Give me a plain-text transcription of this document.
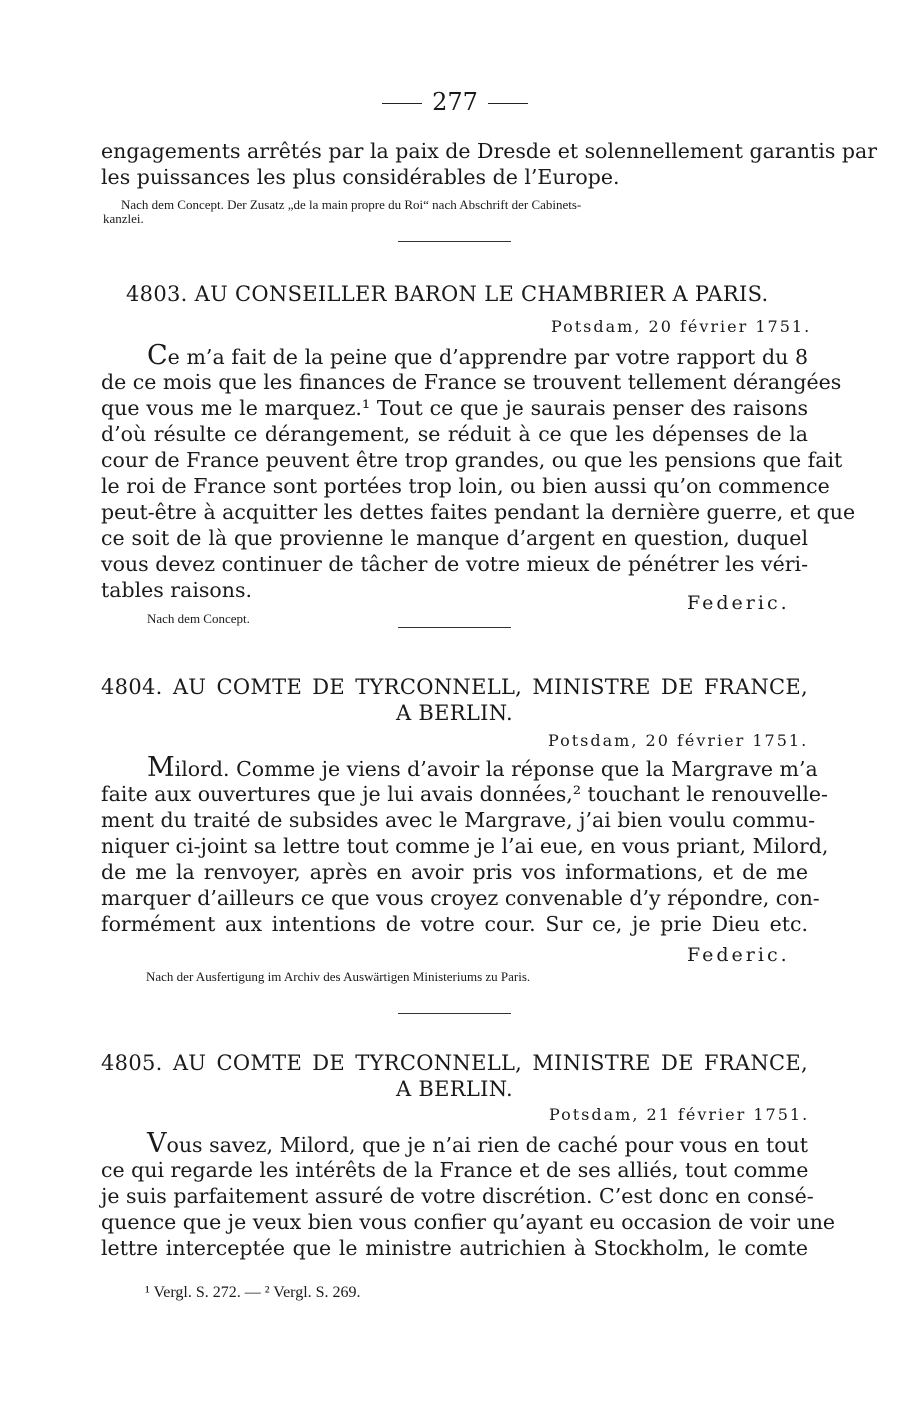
277

engagements arrêtés par la paix de Dresde et solennellement garantis par

les puissances les plus considérables de l’Europe.

Nach dem Concept. Der Zusatz „de la main propre du Roi“ nach Abschrift der Cabinets-

kanzlei.

4803. AU CONSEILLER BARON LE CHAMBRIER A PARIS.

Potsdam, 20 février 1751.

Ce m’a fait de la peine que d’apprendre par votre rapport du 8

de ce mois que les finances de France se trouvent tellement dérangées

que vous me le marquez.¹ Tout ce que je saurais penser des raisons

d’où résulte ce dérangement, se réduit à ce que les dépenses de la

cour de France peuvent être trop grandes, ou que les pensions que fait

le roi de France sont portées trop loin, ou bien aussi qu’on commence

peut-être à acquitter les dettes faites pendant la dernière guerre, et que

ce soit de là que provienne le manque d’argent en question, duquel

vous devez continuer de tâcher de votre mieux de pénétrer les véri-

tables raisons.

Federic.

Nach dem Concept.

4804. AU COMTE DE TYRCONNELL, MINISTRE DE FRANCE,

A BERLIN.

Potsdam, 20 février 1751.

Milord. Comme je viens d’avoir la réponse que la Margrave m’a

faite aux ouvertures que je lui avais données,² touchant le renouvelle-

ment du traité de subsides avec le Margrave, j’ai bien voulu commu-

niquer ci-joint sa lettre tout comme je l’ai eue, en vous priant, Milord,

de me la renvoyer, après en avoir pris vos informations, et de me

marquer d’ailleurs ce que vous croyez convenable d’y répondre, con-

formément aux intentions de votre cour. Sur ce, je prie Dieu etc.

Federic.

Nach der Ausfertigung im Archiv des Auswärtigen Ministeriums zu Paris.

4805. AU COMTE DE TYRCONNELL, MINISTRE DE FRANCE,

A BERLIN.

Potsdam, 21 février 1751.

Vous savez, Milord, que je n’ai rien de caché pour vous en tout

ce qui regarde les intérêts de la France et de ses alliés, tout comme

je suis parfaitement assuré de votre discrétion. C’est donc en consé-

quence que je veux bien vous confier qu’ayant eu occasion de voir une

lettre interceptée que le ministre autrichien à Stockholm, le comte

¹ Vergl. S. 272. — ² Vergl. S. 269.
